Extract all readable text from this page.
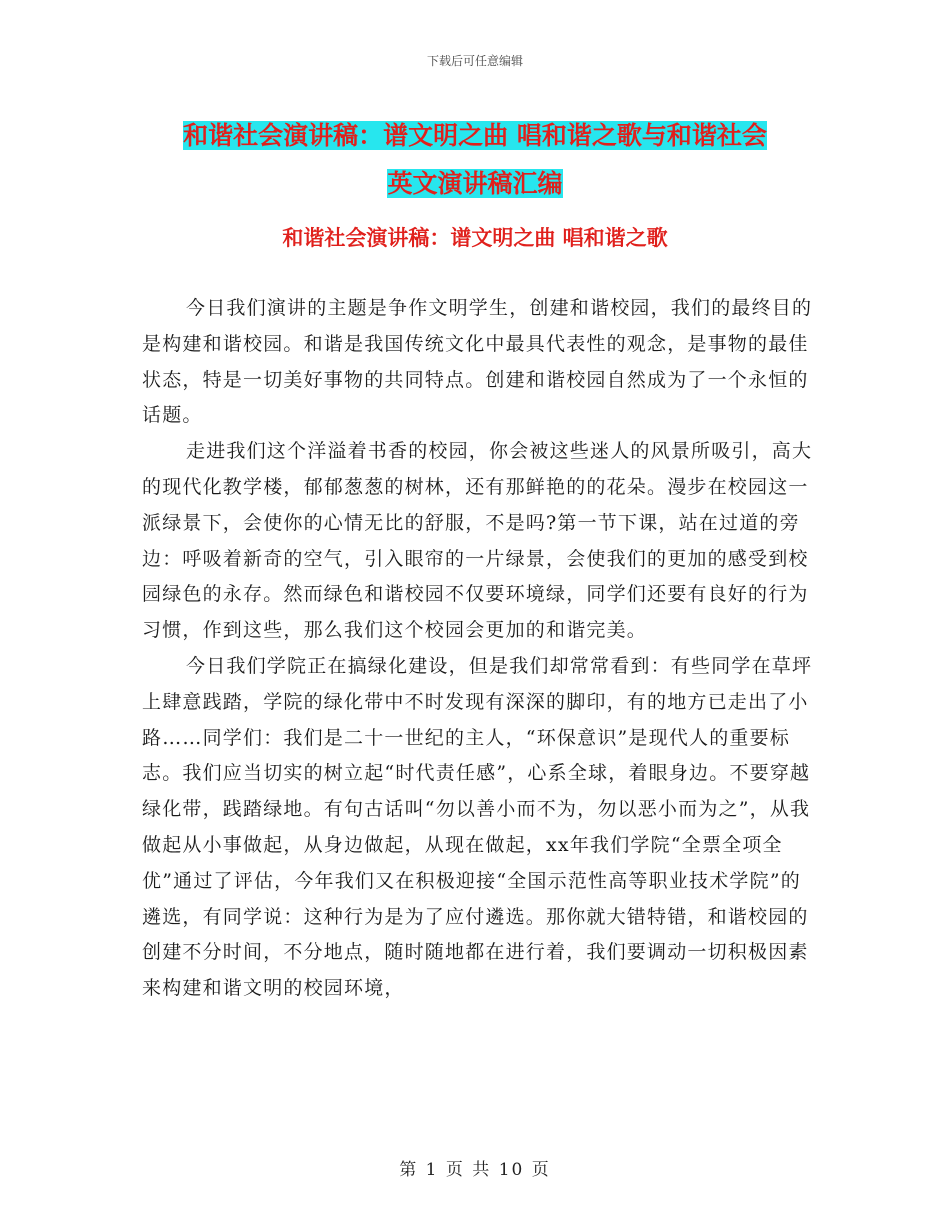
下载后可任意编辑
和谐社会演讲稿：谱文明之曲 唱和谐之歌与和谐社会
英文演讲稿汇编
和谐社会演讲稿：谱文明之曲 唱和谐之歌

今日我们演讲的主题是争作文明学生，创建和谐校园，我们的最终目的是构建和谐校园。和谐是我国传统文化中最具代表性的观念，是事物的最佳状态，特是一切美好事物的共同特点。创建和谐校园自然成为了一个永恒的话题。

走进我们这个洋溢着书香的校园，你会被这些迷人的风景所吸引，高大的现代化教学楼，郁郁葱葱的树林，还有那鲜艳的的花朵。漫步在校园这一派绿景下，会使你的心情无比的舒服，不是吗?第一节下课，站在过道的旁边：呼吸着新奇的空气，引入眼帘的一片绿景，会使我们的更加的感受到校园绿色的永存。然而绿色和谐校园不仅要环境绿，同学们还要有良好的行为习惯，作到这些，那么我们这个校园会更加的和谐完美。

今日我们学院正在搞绿化建设，但是我们却常常看到：有些同学在草坪上肆意践踏，学院的绿化带中不时发现有深深的脚印，有的地方已走出了小路……同学们：我们是二十一世纪的主人，“环保意识”是现代人的重要标志。我们应当切实的树立起“时代责任感”，心系全球，着眼身边。不要穿越绿化带，践踏绿地。有句古话叫“勿以善小而不为，勿以恶小而为之”，从我做起从小事做起，从身边做起，从现在做起，xx年我们学院“全票全项全优”通过了评估，今年我们又在积极迎接“全国示范性高等职业技术学院”的遴选，有同学说：这种行为是为了应付遴选。那你就大错特错，和谐校园的创建不分时间，不分地点，随时随地都在进行着，我们要调动一切积极因素来构建和谐文明的校园环境，

第 1 页 共 10 页
